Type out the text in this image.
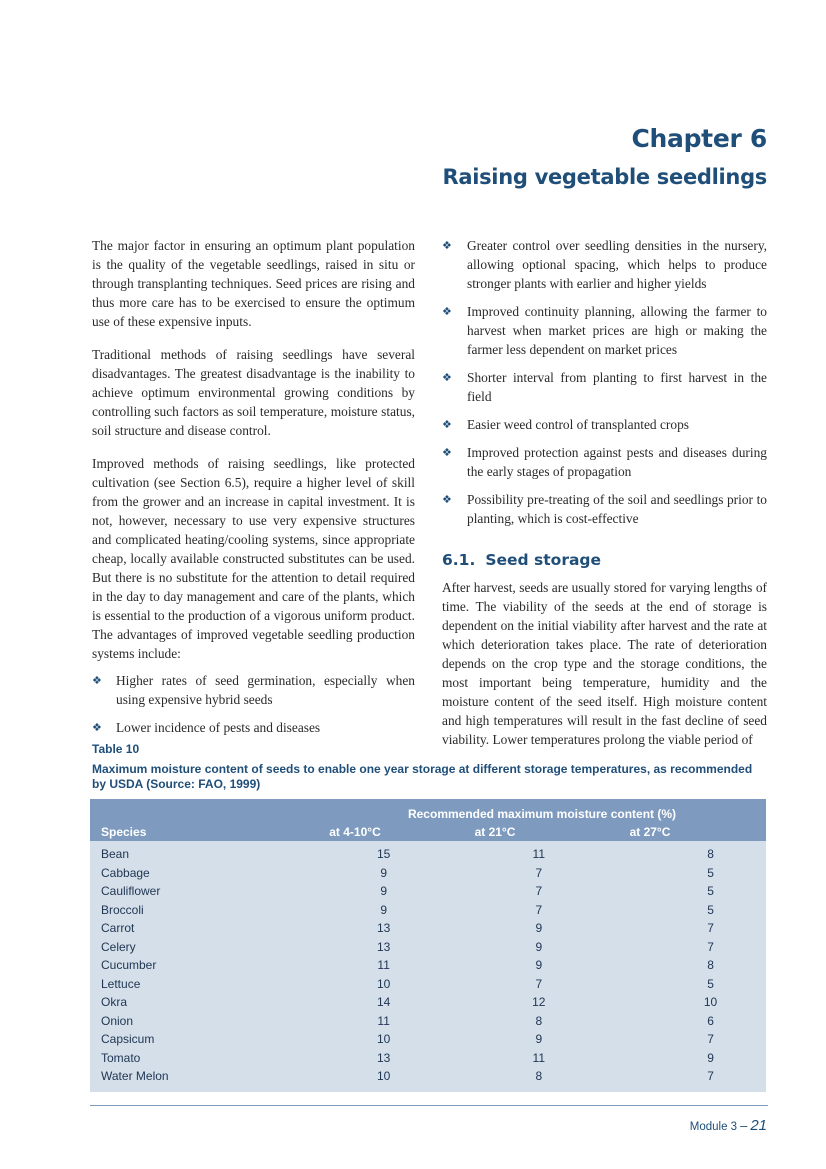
Chapter 6
Raising vegetable seedlings

The major factor in ensuring an optimum plant population is the quality of the vegetable seedlings, raised in situ or through transplanting techniques. Seed prices are rising and thus more care has to be exercised to ensure the optimum use of these expensive inputs.

Traditional methods of raising seedlings have several disadvantages. The greatest disadvantage is the inability to achieve optimum environmental growing conditions by controlling such factors as soil temperature, moisture status, soil structure and disease control.

Improved methods of raising seedlings, like protected cultivation (see Section 6.5), require a higher level of skill from the grower and an increase in capital investment. It is not, however, necessary to use very expensive structures and complicated heating/cooling systems, since appropriate cheap, locally available constructed substitutes can be used. But there is no substitute for the attention to detail required in the day to day management and care of the plants, which is essential to the production of a vigorous uniform product. The advantages of improved vegetable seedling production systems include:

❖ Higher rates of seed germination, especially when using expensive hybrid seeds
❖ Lower incidence of pests and diseases
❖ Greater control over seedling densities in the nursery, allowing optional spacing, which helps to produce stronger plants with earlier and higher yields
❖ Improved continuity planning, allowing the farmer to harvest when market prices are high or making the farmer less dependent on market prices
❖ Shorter interval from planting to first harvest in the field
❖ Easier weed control of transplanted crops
❖ Improved protection against pests and diseases during the early stages of propagation
❖ Possibility pre-treating of the soil and seedlings prior to planting, which is cost-effective
6.1. Seed storage

After harvest, seeds are usually stored for varying lengths of time. The viability of the seeds at the end of storage is dependent on the initial viability after harvest and the rate at which deterioration takes place. The rate of deterioration depends on the crop type and the storage conditions, the most important being temperature, humidity and the moisture content of the seed itself. High moisture content and high temperatures will result in the fast decline of seed viability. Lower temperatures prolong the viable period of

Table 10
Maximum moisture content of seeds to enable one year storage at different storage temperatures, as recommended by USDA (Source: FAO, 1999)
Recommended maximum moisture content (%)
Species	at 4-10°C	at 21°C	at 27°C
Bean	15		11		8
Cabbage	9		7		5
Cauliflower	9		7		5
Broccoli	9		7		5
Carrot	13		9		7
Celery	13		9		7
Cucumber	11		9		8
Lettuce	10		7		5
Okra	14		12		10
Onion	11		8		6
Capsicum	10		9		7
Tomato	13		11		9
Water Melon	10		8		7
Module 3 – 21
